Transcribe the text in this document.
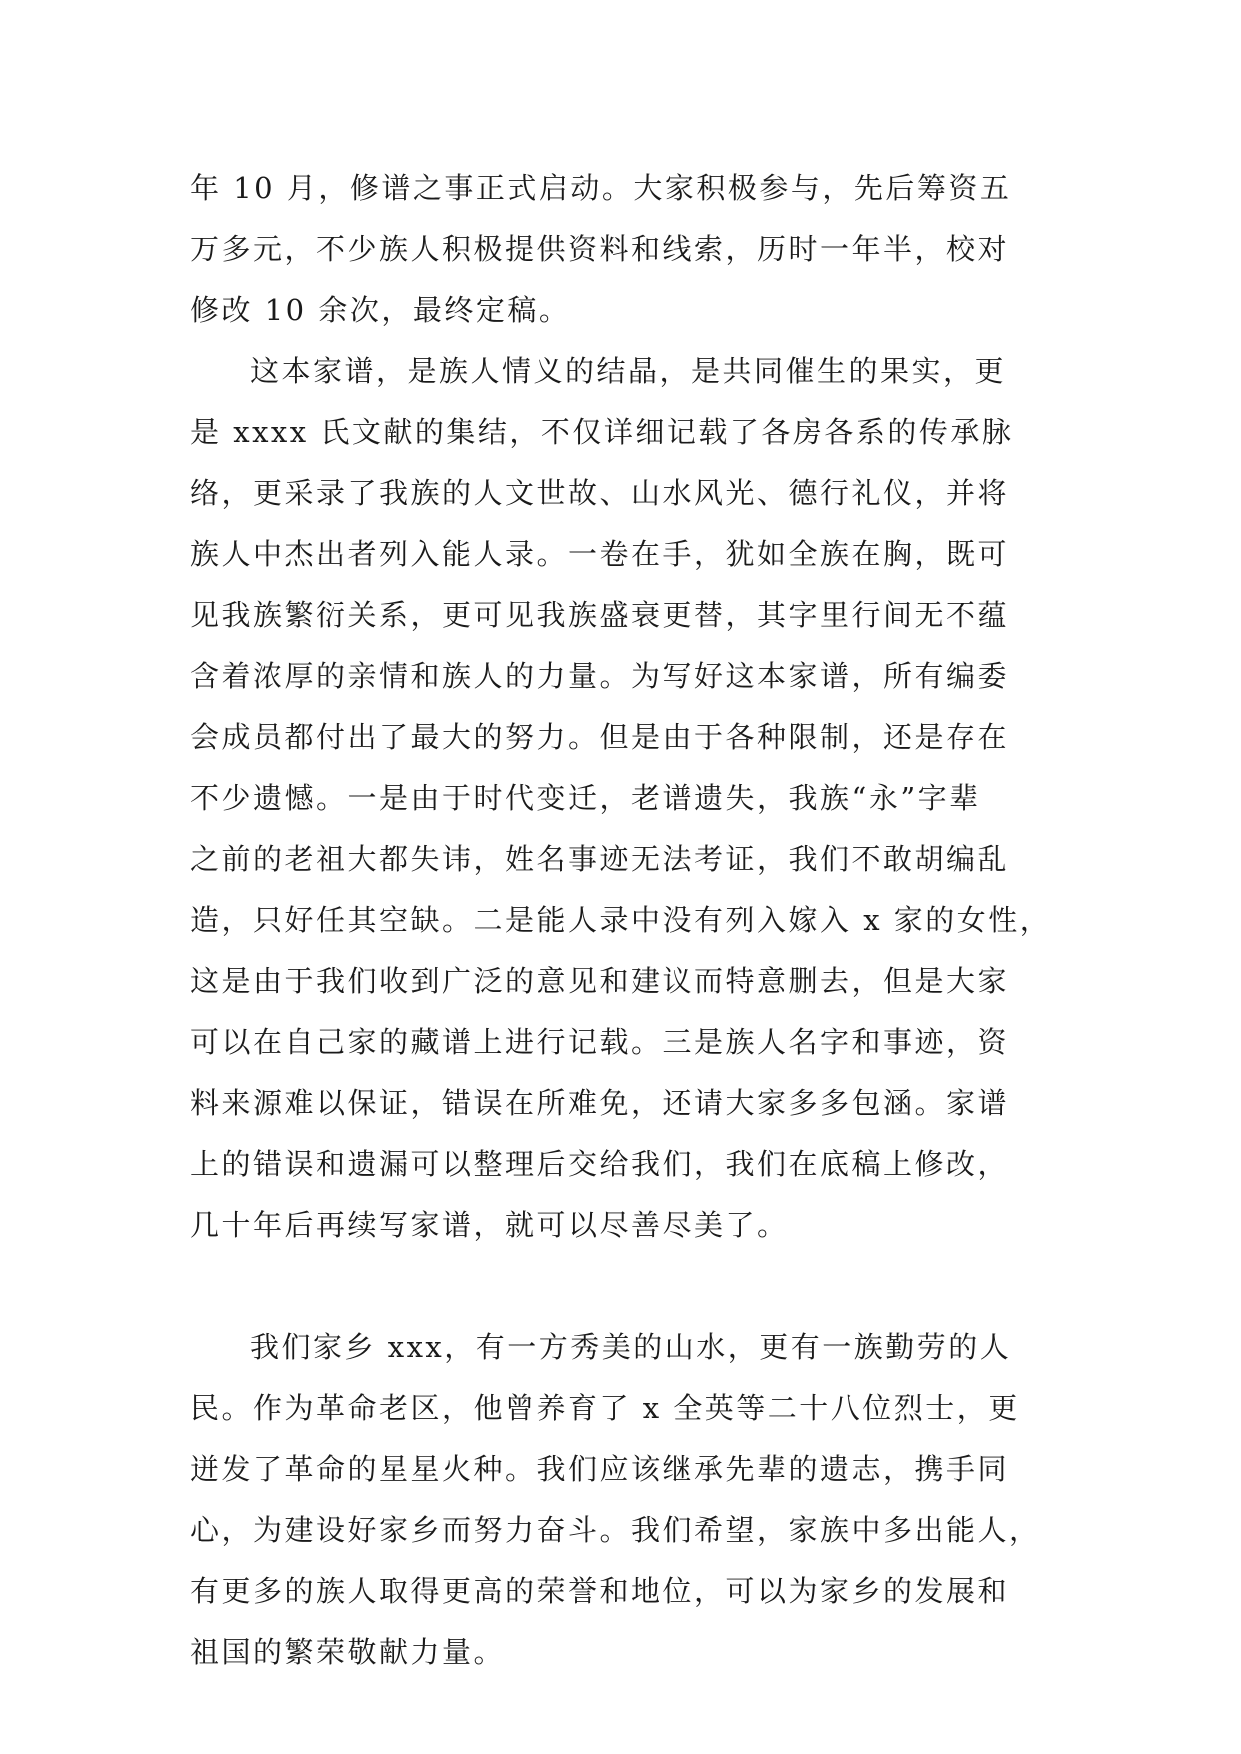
年 10 月，修谱之事正式启动。大家积极参与，先后筹资五
万多元，不少族人积极提供资料和线索，历时一年半，校对
修改 10 余次，最终定稿。
这本家谱，是族人情义的结晶，是共同催生的果实，更
是 xxxx 氏文献的集结，不仅详细记载了各房各系的传承脉
络，更采录了我族的人文世故、山水风光、德行礼仪，并将
族人中杰出者列入能人录。一卷在手，犹如全族在胸，既可
见我族繁衍关系，更可见我族盛衰更替，其字里行间无不蕴
含着浓厚的亲情和族人的力量。为写好这本家谱，所有编委
会成员都付出了最大的努力。但是由于各种限制，还是存在
不少遗憾。一是由于时代变迁，老谱遗失，我族“永”字辈
之前的老祖大都失讳，姓名事迹无法考证，我们不敢胡编乱
造，只好任其空缺。二是能人录中没有列入嫁入 x 家的女性，
这是由于我们收到广泛的意见和建议而特意删去，但是大家
可以在自己家的藏谱上进行记载。三是族人名字和事迹，资
料来源难以保证，错误在所难免，还请大家多多包涵。家谱
上的错误和遗漏可以整理后交给我们，我们在底稿上修改，
几十年后再续写家谱，就可以尽善尽美了。
我们家乡 xxx，有一方秀美的山水，更有一族勤劳的人
民。作为革命老区，他曾养育了 x 全英等二十八位烈士，更
迸发了革命的星星火种。我们应该继承先辈的遗志，携手同
心，为建设好家乡而努力奋斗。我们希望，家族中多出能人，
有更多的族人取得更高的荣誉和地位，可以为家乡的发展和
祖国的繁荣敬献力量。
